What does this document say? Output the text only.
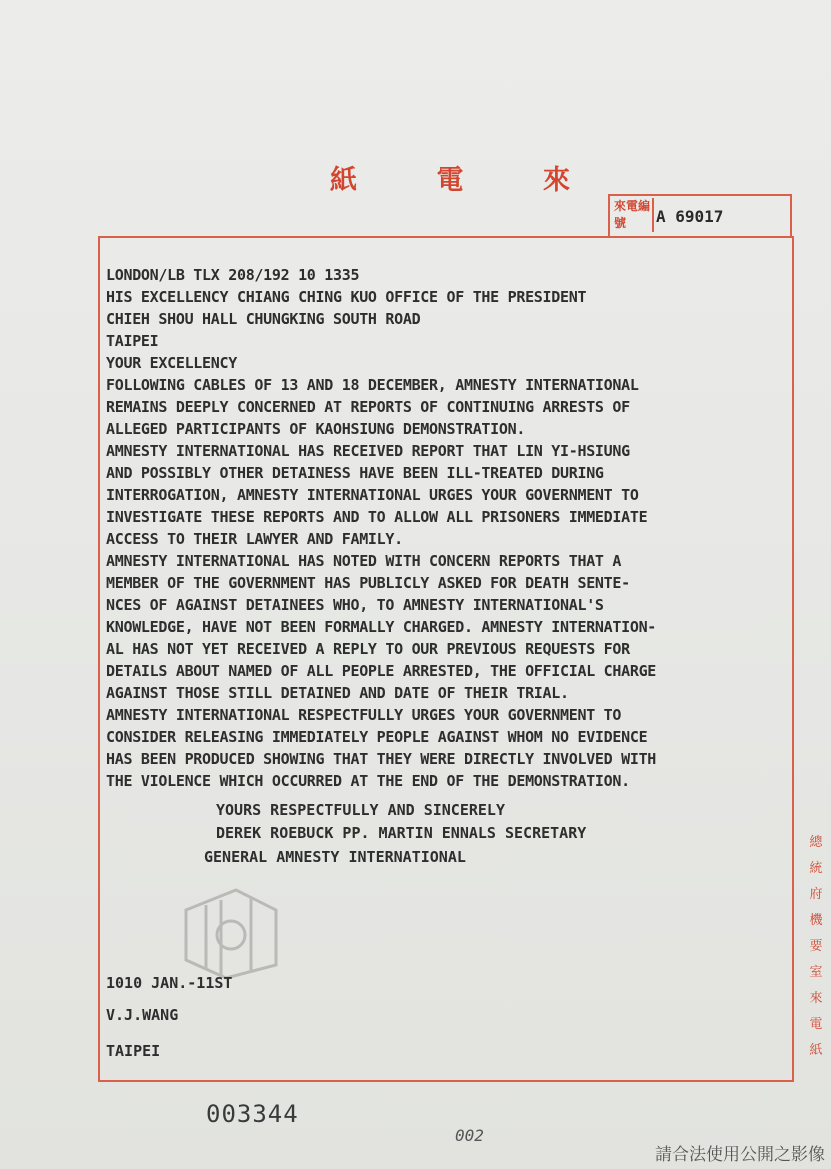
紙	電	來
來電編號	A 69017
LONDON/LB TLX 208/192 10 1335
HIS EXCELLENCY CHIANG CHING KUO OFFICE OF THE PRESIDENT
CHIEH SHOU HALL CHUNGKING SOUTH ROAD
TAIPEI
YOUR EXCELLENCY
FOLLOWING CABLES OF 13 AND 18 DECEMBER, AMNESTY INTERNATIONAL
REMAINS DEEPLY CONCERNED AT REPORTS OF CONTINUING ARRESTS OF
ALLEGED PARTICIPANTS OF KAOHSIUNG DEMONSTRATION.
AMNESTY INTERNATIONAL HAS RECEIVED REPORT THAT LIN YI-HSIUNG
AND POSSIBLY OTHER DETAINESS HAVE BEEN ILL-TREATED DURING
INTERROGATION, AMNESTY INTERNATIONAL URGES YOUR GOVERNMENT TO
INVESTIGATE THESE REPORTS AND TO ALLOW ALL PRISONERS IMMEDIATE
ACCESS TO THEIR LAWYER AND FAMILY.
AMNESTY INTERNATIONAL HAS NOTED WITH CONCERN REPORTS THAT A
MEMBER OF THE GOVERNMENT HAS PUBLICLY ASKED FOR DEATH SENTE-
NCES OF AGAINST DETAINEES WHO, TO AMNESTY INTERNATIONAL'S
KNOWLEDGE, HAVE NOT BEEN FORMALLY CHARGED. AMNESTY INTERNATION-
AL HAS NOT YET RECEIVED A REPLY TO OUR PREVIOUS REQUESTS FOR
DETAILS ABOUT NAMED OF ALL PEOPLE ARRESTED, THE OFFICIAL CHARGE
AGAINST THOSE STILL DETAINED AND DATE OF THEIR TRIAL.
AMNESTY INTERNATIONAL RESPECTFULLY URGES YOUR GOVERNMENT TO
CONSIDER RELEASING IMMEDIATELY PEOPLE AGAINST WHOM NO EVIDENCE
HAS BEEN PRODUCED SHOWING THAT THEY WERE DIRECTLY INVOLVED WITH
THE VIOLENCE WHICH OCCURRED AT THE END OF THE DEMONSTRATION.
YOURS RESPECTFULLY AND SINCERELY
DEREK ROEBUCK PP. MARTIN ENNALS SECRETARY
GENERAL AMNESTY INTERNATIONAL
1010 JAN.-11ST
V.J.WANG
TAIPEI
總統府機要室來電紙
003344
002
請合法使用公開之影像
